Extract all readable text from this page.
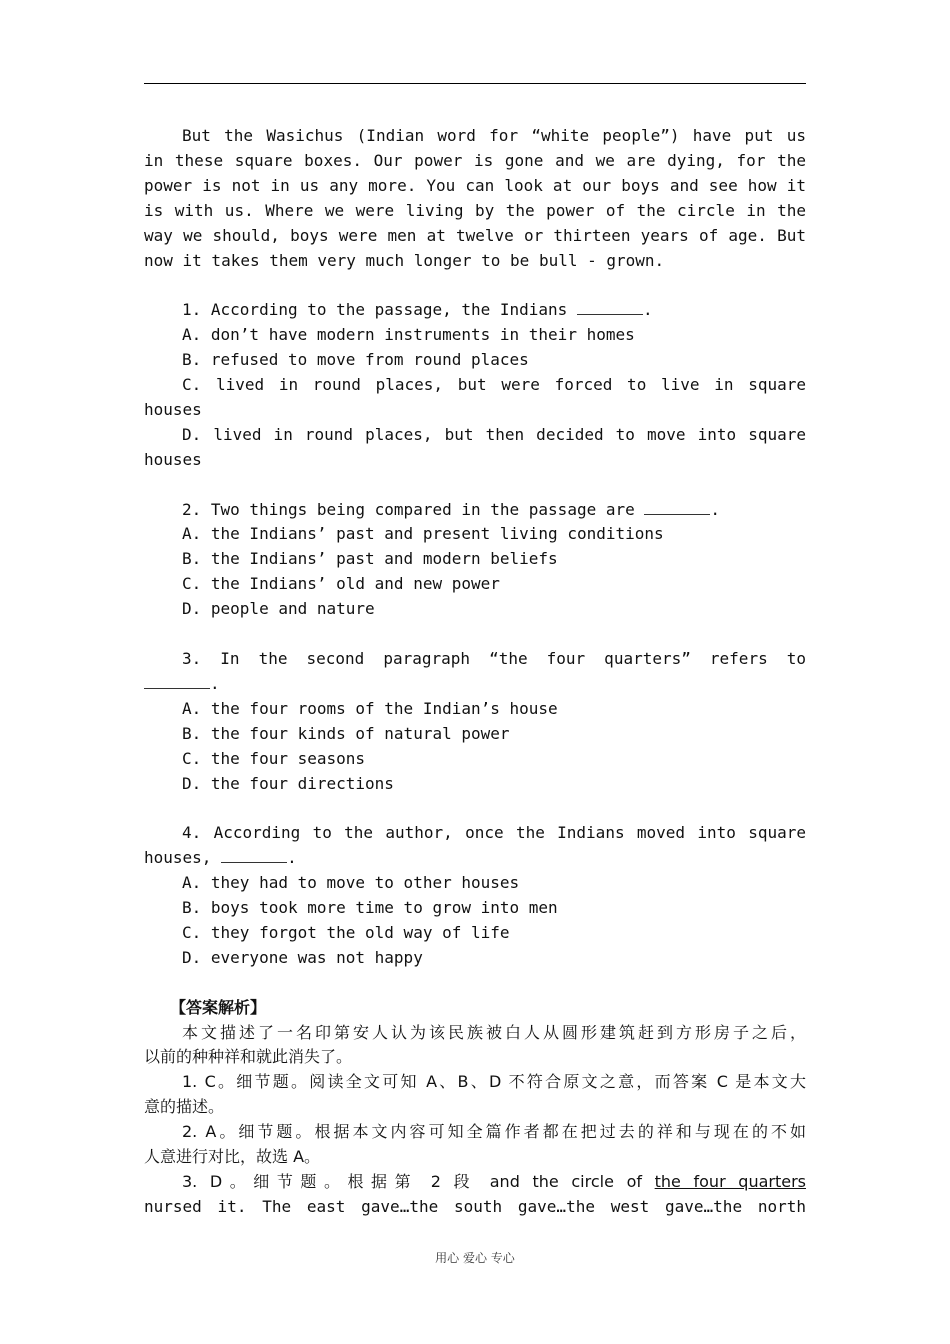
But the Wasichus (Indian word for “white people”) have put us

in these square boxes. Our power is gone and we are dying, for the

power is not in us any more. You can look at our boys and see how it

is with us. Where we were living by the power of the circle in the

way we should, boys were men at twelve or thirteen years of age. But

now it takes them very much longer to be bull - grown.

1. According to the passage, the Indians	.

A. don’t have modern instruments in their homes

B. refused to move from round places

C. lived in round places, but were forced to live in square

houses

D. lived in round places, but then decided to move into square

houses

2. Two things being compared in the passage are	.

A. the Indians’ past and present living conditions

B. the Indians’ past and modern beliefs

C. the Indians’ old and new power

D. people and nature

3. In the second paragraph “the four quarters” refers to

.

A. the four rooms of the Indian’s house

B. the four kinds of natural power

C. the four seasons

D. the four directions

4. According to the author, once the Indians moved into square

houses,	.

A. they had to move to other houses

B. boys took more time to grow into men

C. they forgot the old way of life

D. everyone was not happy

【答案解析】

本文描述了一名印第安人认为该民族被白人从圆形建筑赶到方形房子之后，

以前的种种祥和就此消失了。

1. C。细节题。阅读全文可知 A、B、D 不符合原文之意，而答案 C 是本文大

意的描述。

2. A。细节题。根据本文内容可知全篇作者都在把过去的祥和与现在的不如

人意进行对比，故选 A。

3. D。细节题。根据第 2 段 and the circle of the four quarters

nursed it. The east gave…the south gave…the west gave…the north

用心 爱心 专心
